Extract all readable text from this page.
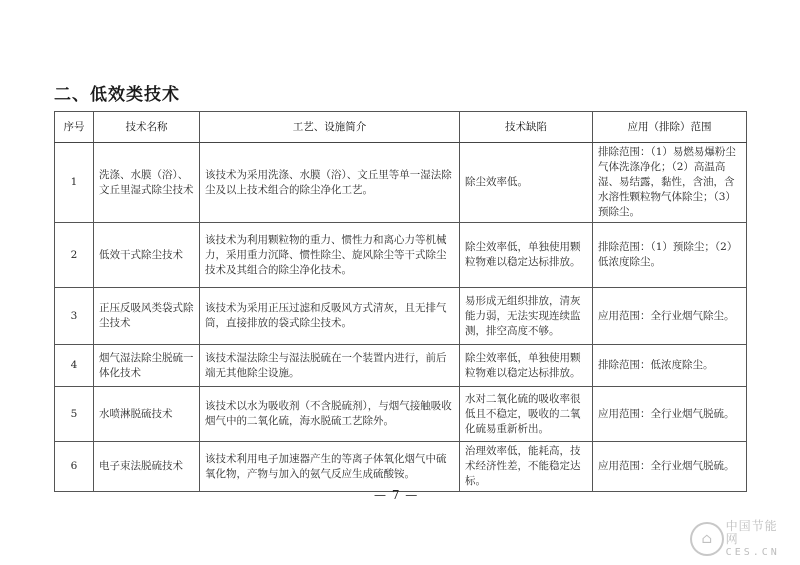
二、低效类技术
序号	技术名称	工艺、设施简介	技术缺陷	应用（排除）范围
1	洗涤、水膜（浴）、文丘里湿式除尘技术	该技术为采用洗涤、水膜（浴）、文丘里等单一湿法除尘及以上技术组合的除尘净化工艺。	除尘效率低。	排除范围：（1）易燃易爆粉尘气体洗涤净化；（2）高温高湿、易结露，黏性，含油，含水溶性颗粒物气体除尘；（3）预除尘。
2	低效干式除尘技术	该技术为利用颗粒物的重力、惯性力和离心力等机械力，采用重力沉降、惯性除尘、旋风除尘等干式除尘技术及其组合的除尘净化技术。	除尘效率低，单独使用颗粒物难以稳定达标排放。	排除范围：（1）预除尘；（2）低浓度除尘。
3	正压反吸风类袋式除尘技术	该技术为采用正压过滤和反吸风方式清灰，且无排气筒，直接排放的袋式除尘技术。	易形成无组织排放，清灰能力弱，无法实现连续监测，排空高度不够。	应用范围：全行业烟气除尘。
4	烟气湿法除尘脱硫一体化技术	该技术湿法除尘与湿法脱硫在一个装置内进行，前后端无其他除尘设施。	除尘效率低，单独使用颗粒物难以稳定达标排放。	排除范围：低浓度除尘。
5	水喷淋脱硫技术	该技术以水为吸收剂（不含脱硫剂），与烟气接触吸收烟气中的二氧化硫，海水脱硫工艺除外。	水对二氧化硫的吸收率很低且不稳定，吸收的二氧化硫易重新析出。	应用范围：全行业烟气脱硫。
6	电子束法脱硫技术	该技术利用电子加速器产生的等离子体氧化烟气中硫氧化物，产物与加入的氨气反应生成硫酸铵。	治理效率低，能耗高，技术经济性差，不能稳定达标。	应用范围：全行业烟气脱硫。
— 7 —
⌂
中国节能网
CES.CN
